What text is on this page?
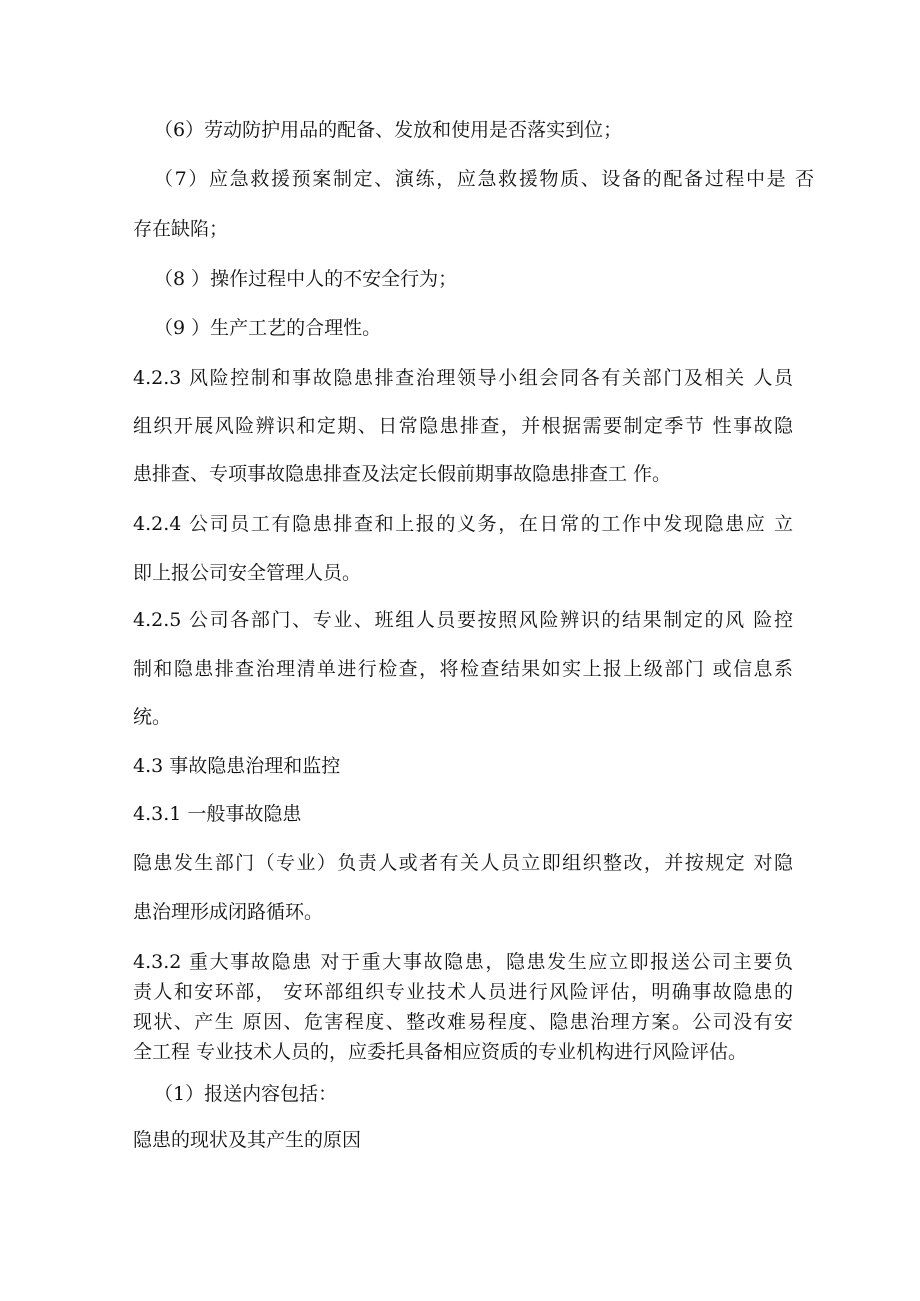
（6）劳动防护用品的配备、发放和使用是否落实到位；
（7）应急救援预案制定、演练，应急救援物质、设备的配备过程中是 否
存在缺陷；
（8 ）操作过程中人的不安全行为；
（9 ）生产工艺的合理性。
4.2.3 风险控制和事故隐患排查治理领导小组会同各有关部门及相关 人员
组织开展风险辨识和定期、日常隐患排查，并根据需要制定季节 性事故隐
患排查、专项事故隐患排查及法定长假前期事故隐患排查工 作。
4.2.4 公司员工有隐患排查和上报的义务，在日常的工作中发现隐患应 立
即上报公司安全管理人员。
4.2.5 公司各部门、专业、班组人员要按照风险辨识的结果制定的风 险控
制和隐患排查治理清单进行检查，将检查结果如实上报上级部门 或信息系
统。
4.3 事故隐患治理和监控
4.3.1 一般事故隐患
隐患发生部门（专业）负责人或者有关人员立即组织整改，并按规定 对隐
患治理形成闭路循环。
4.3.2 重大事故隐患 对于重大事故隐患，隐患发生应立即报送公司主要负
责人和安环部， 安环部组织专业技术人员进行风险评估，明确事故隐患的
现状、产生 原因、危害程度、整改难易程度、隐患治理方案。公司没有安
全工程 专业技术人员的，应委托具备相应资质的专业机构进行风险评估。
（1）报送内容包括：
隐患的现状及其产生的原因
